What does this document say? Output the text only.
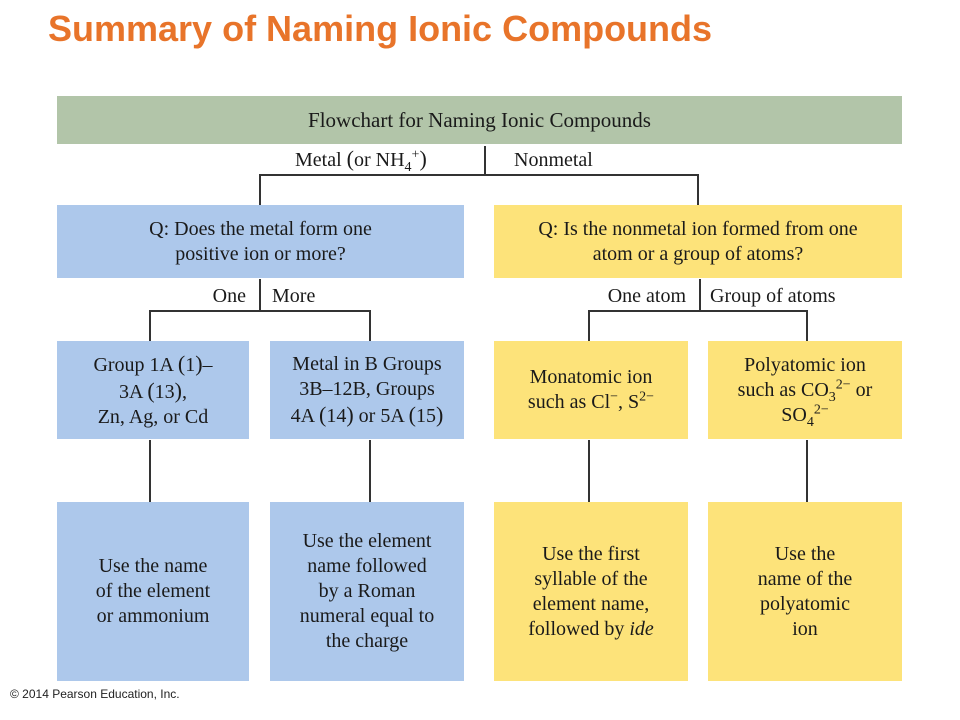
Summary of Naming Ionic Compounds
Flowchart for Naming Ionic Compounds
Metal (or $NH_4^+$)	Nonmetal
Q: Does the metal form one
positive ion or more?
Q: Is the nonmetal ion formed from one
atom or a group of atoms?
One More	One atom Group of atoms
Group 1A (1)–
3A (13),
Zn, Ag, or Cd
Metal in B Groups
3B–12B, Groups
4A (14) or 5A (15)
Monatomic ion
such as Cl−, $S^{2-}$
Polyatomic ion
such as $CO_3^{2-}$ or
$SO_4^{2-}$
Use the name
of the element
or ammonium
Use the element
name followed
by a Roman
numeral equal to
the charge
Use the first
syllable of the
element name,
followed by ide
Use the
name of the
polyatomic
ion
© 2014 Pearson Education, Inc.
